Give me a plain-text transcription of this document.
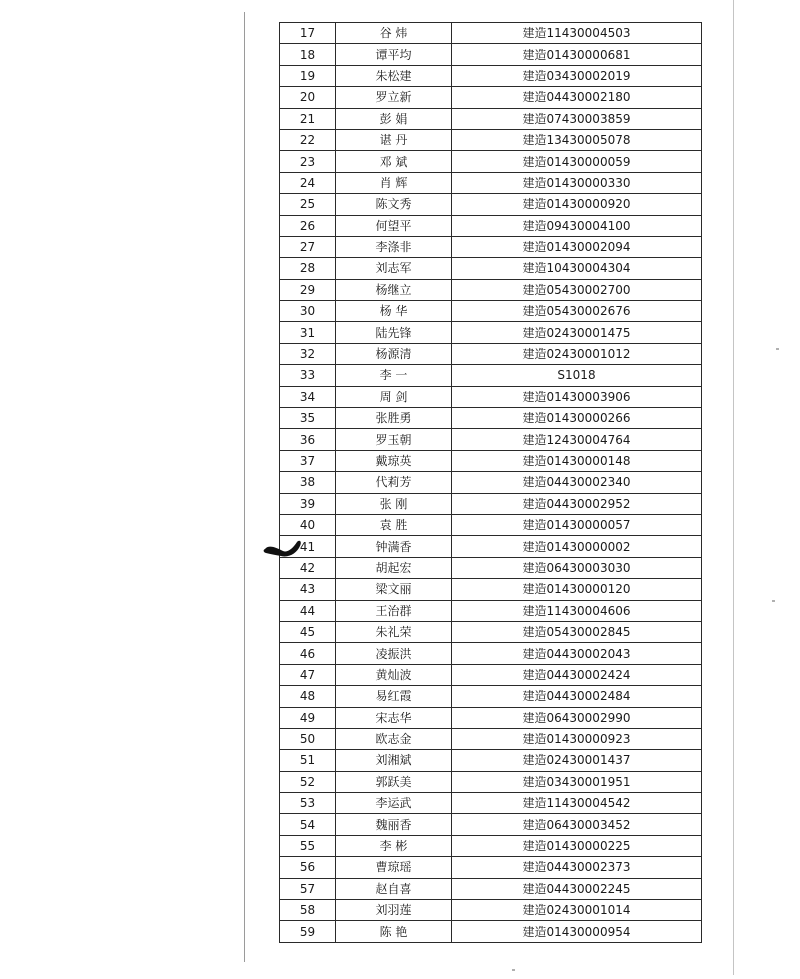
17	谷 炜	建造11430004503
18	谭平均	建造01430000681
19	朱松建	建造03430002019
20	罗立新	建造04430002180
21	彭 娟	建造07430003859
22	谌 丹	建造13430005078
23	邓 斌	建造01430000059
24	肖 辉	建造01430000330
25	陈文秀	建造01430000920
26	何望平	建造09430004100
27	李涤非	建造01430002094
28	刘志军	建造10430004304
29	杨继立	建造05430002700
30	杨 华	建造05430002676
31	陆先锋	建造02430001475
32	杨源清	建造02430001012
33	李 一	S1018
34	周 剑	建造01430003906
35	张胜勇	建造01430000266
36	罗玉朝	建造12430004764
37	戴琼英	建造01430000148
38	代莉芳	建造04430002340
39	张 刚	建造04430002952
40	袁 胜	建造01430000057
41	钟满香	建造01430000002
42	胡起宏	建造06430003030
43	梁文丽	建造01430000120
44	王治群	建造11430004606
45	朱礼荣	建造05430002845
46	凌振洪	建造04430002043
47	黄灿波	建造04430002424
48	易红霞	建造04430002484
49	宋志华	建造06430002990
50	欧志金	建造01430000923
51	刘湘斌	建造02430001437
52	郭跃美	建造03430001951
53	李运武	建造11430004542
54	魏丽香	建造06430003452
55	李 彬	建造01430000225
56	曹琼瑶	建造04430002373
57	赵自喜	建造04430002245
58	刘羽莲	建造02430001014
59	陈 艳	建造01430000954
